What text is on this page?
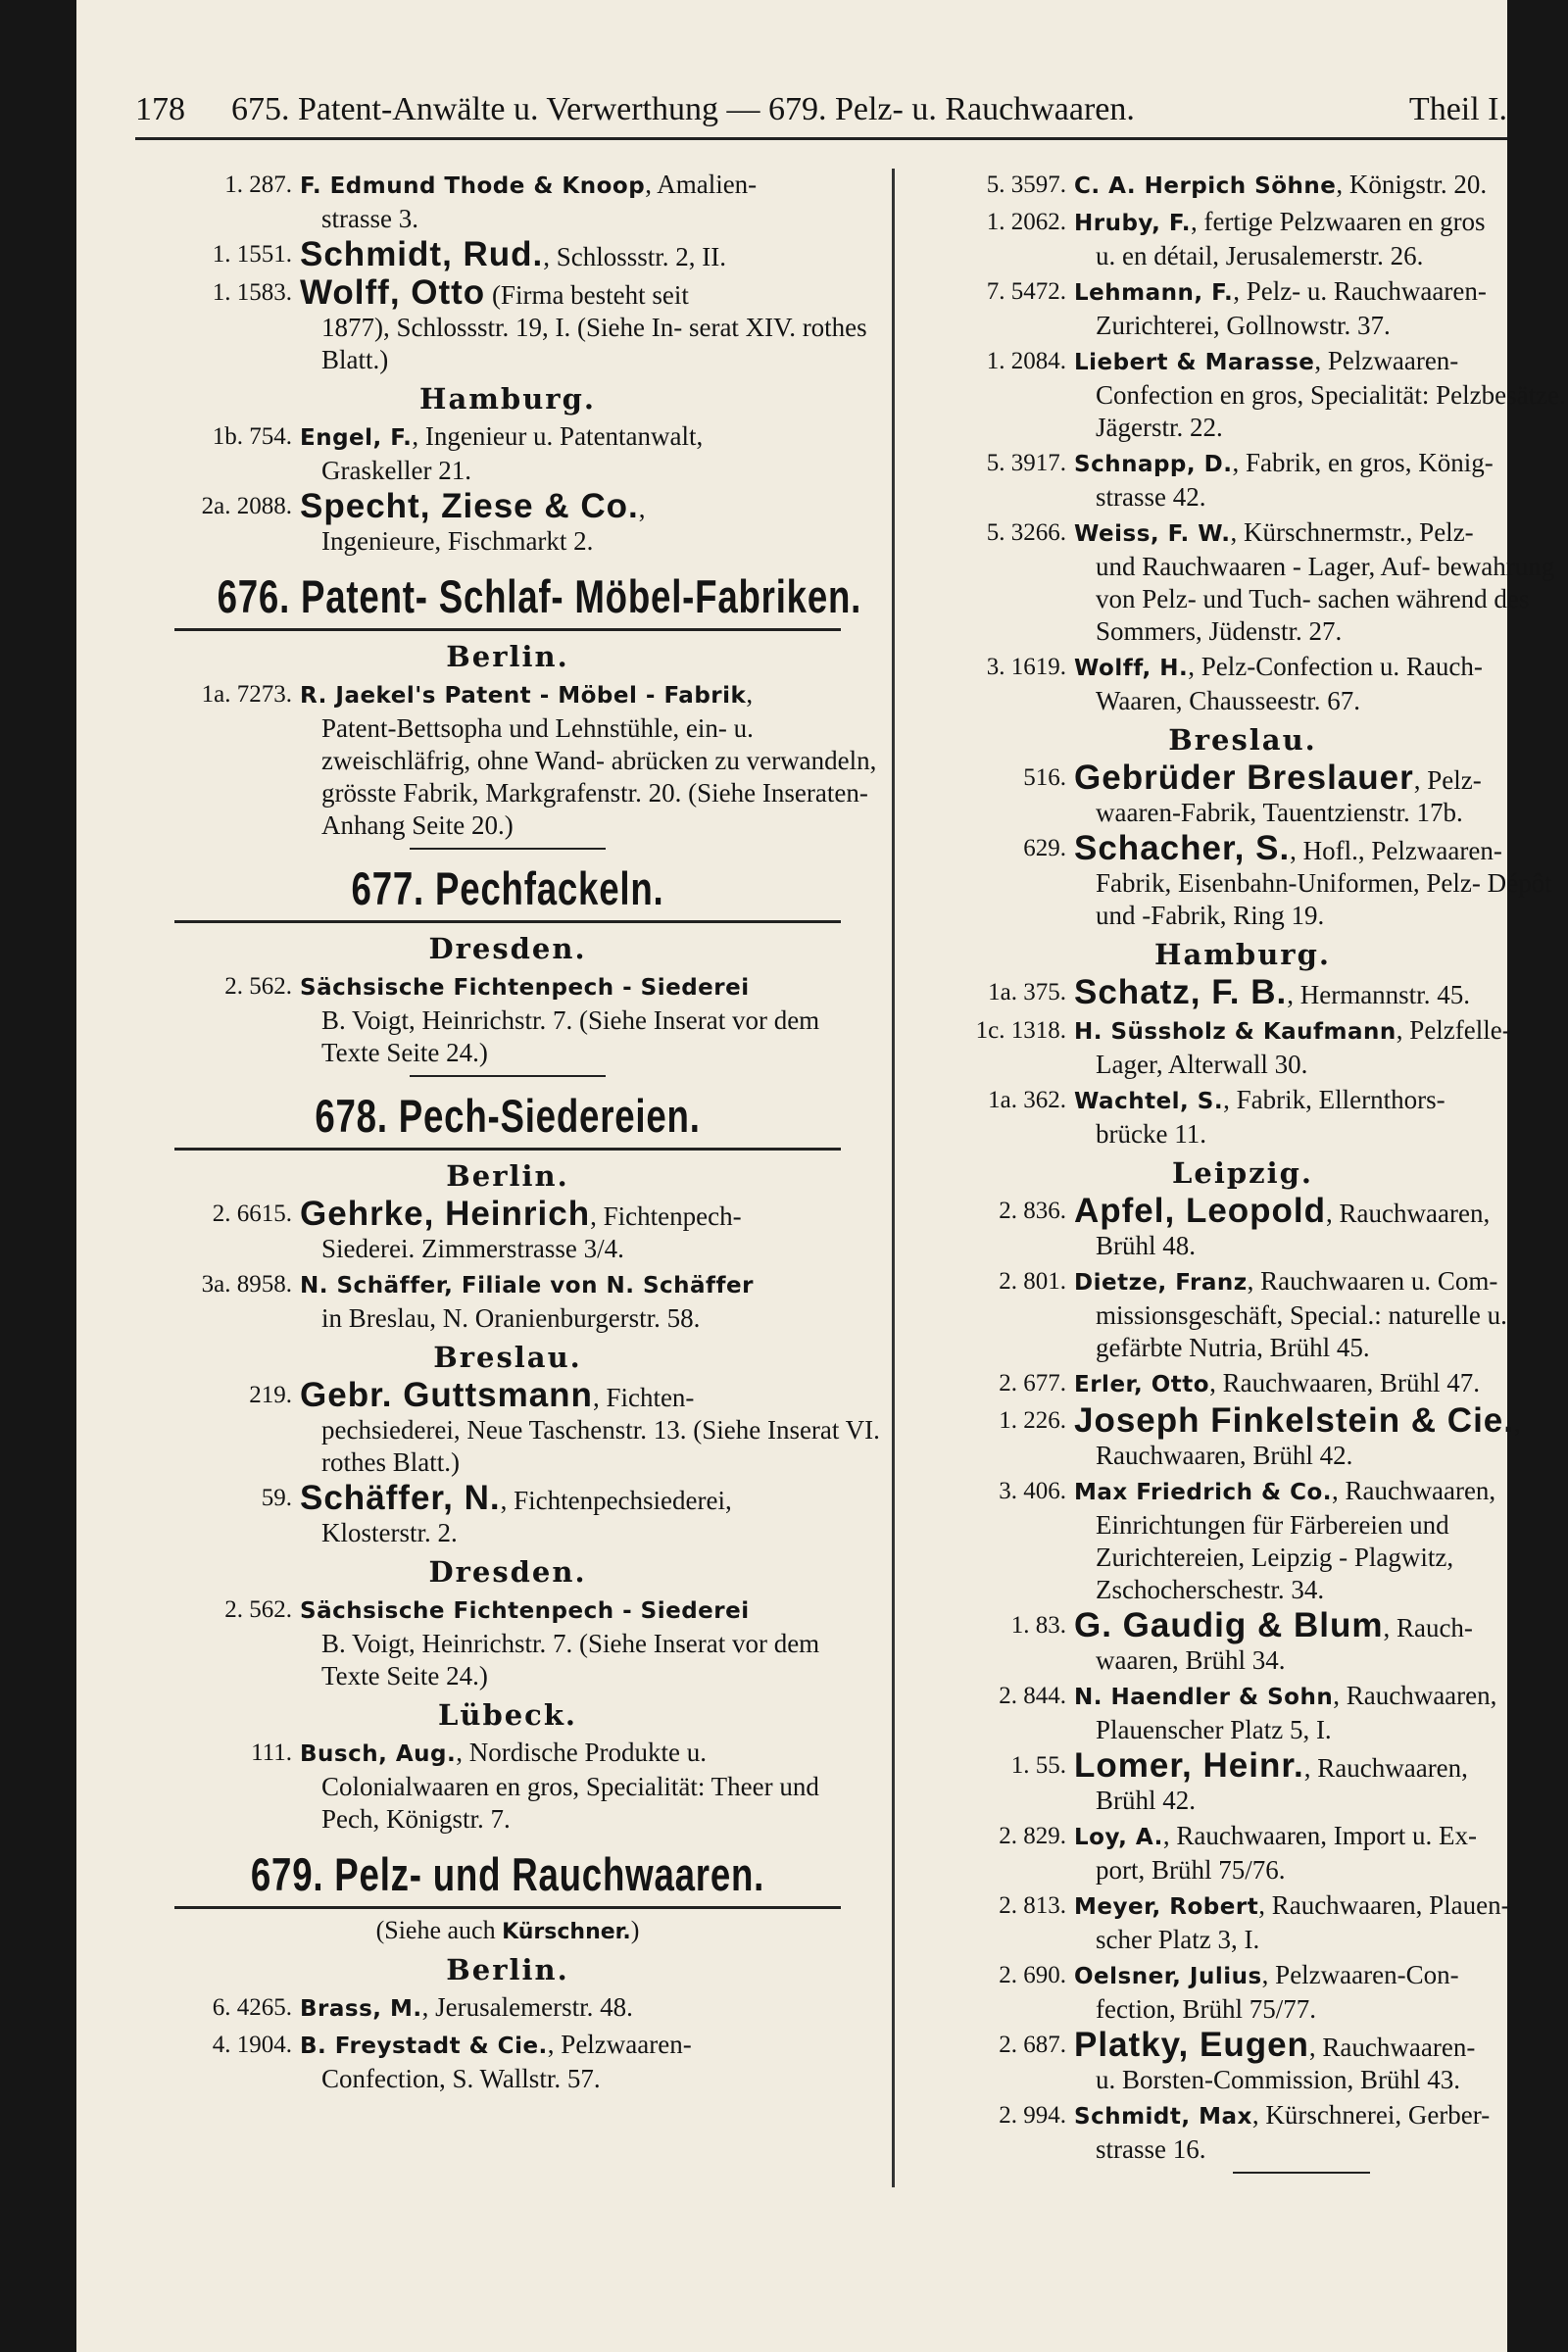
178 675. Patent-Anwälte u. Verwerthung — 679. Pelz- u. Rauchwaaren.	Theil I.
1. 287. F. Edmund Thode & Knoop, Amalien-
strasse 3.
1. 1551. Schmidt, Rud., Schlossstr. 2, II.
1. 1583. Wolff, Otto (Firma besteht seit
1877), Schlossstr. 19, I. (Siehe In- serat XIV. rothes Blatt.)
Hamburg.
1b. 754. Engel, F., Ingenieur u. Patentanwalt,
Graskeller 21.
2a. 2088. Specht, Ziese & Co.,
Ingenieure, Fischmarkt 2.
676. Patent- Schlaf- Möbel-Fabriken.
Berlin.
1a. 7273. R. Jaekel's Patent - Möbel - Fabrik,
Patent-Bettsopha und Lehnstühle, ein- u. zweischläfrig, ohne Wand- abrücken zu verwandeln, grösste Fabrik, Markgrafenstr. 20. (Siehe Inseraten-Anhang Seite 20.)
677. Pechfackeln.
Dresden.
2. 562. Sächsische Fichtenpech - Siederei
B. Voigt, Heinrichstr. 7. (Siehe Inserat vor dem Texte Seite 24.)
678. Pech-Siedereien.
Berlin.
2. 6615. Gehrke, Heinrich, Fichtenpech-
Siederei. Zimmerstrasse 3/4.
3a. 8958. N. Schäffer, Filiale von N. Schäffer
in Breslau, N. Oranienburgerstr. 58.
Breslau.
219. Gebr. Guttsmann, Fichten-
pechsiederei, Neue Taschenstr. 13. (Siehe Inserat VI. rothes Blatt.)
59. Schäffer, N., Fichtenpechsiederei,
Klosterstr. 2.
Dresden.
2. 562. Sächsische Fichtenpech - Siederei
B. Voigt, Heinrichstr. 7. (Siehe Inserat vor dem Texte Seite 24.)
Lübeck.
111. Busch, Aug., Nordische Produkte u.
Colonialwaaren en gros, Specialität: Theer und Pech, Königstr. 7.
679. Pelz- und Rauchwaaren.
(Siehe auch Kürschner.)
Berlin.
6. 4265. Brass, M., Jerusalemerstr. 48.
4. 1904. B. Freystadt & Cie., Pelzwaaren-
Confection, S. Wallstr. 57.
5. 3597. C. A. Herpich Söhne, Königstr. 20.
1. 2062. Hruby, F., fertige Pelzwaaren en gros
u. en détail, Jerusalemerstr. 26.
7. 5472. Lehmann, F., Pelz- u. Rauchwaaren-
Zurichterei, Gollnowstr. 37.
1. 2084. Liebert & Marasse, Pelzwaaren-
Confection en gros, Specialität: Pelzbesätze. Jägerstr. 22.
5. 3917. Schnapp, D., Fabrik, en gros, König-
strasse 42.
5. 3266. Weiss, F. W., Kürschnermstr., Pelz-
und Rauchwaaren - Lager, Auf- bewahrung von Pelz- und Tuch- sachen während des Sommers, Jüdenstr. 27.
3. 1619. Wolff, H., Pelz-Confection u. Rauch-
Waaren, Chausseestr. 67.
Breslau.
516. Gebrüder Breslauer, Pelz-
waaren-Fabrik, Tauentzienstr. 17b.
629. Schacher, S., Hofl., Pelzwaaren-
Fabrik, Eisenbahn-Uniformen, Pelz- Dépôt und -Fabrik, Ring 19.
Hamburg.
1a. 375. Schatz, F. B., Hermannstr. 45.
1c. 1318. H. Süssholz & Kaufmann, Pelzfelle-
Lager, Alterwall 30.
1a. 362. Wachtel, S., Fabrik, Ellernthors-
brücke 11.
Leipzig.
2. 836. Apfel, Leopold, Rauchwaaren,
Brühl 48.
2. 801. Dietze, Franz, Rauchwaaren u. Com-
missionsgeschäft, Special.: naturelle u. gefärbte Nutria, Brühl 45.
2. 677. Erler, Otto, Rauchwaaren, Brühl 47.
1. 226. Joseph Finkelstein & Cie.,
Rauchwaaren, Brühl 42.
3. 406. Max Friedrich & Co., Rauchwaaren,
Einrichtungen für Färbereien und Zurichtereien, Leipzig - Plagwitz, Zschocherschestr. 34.
1. 83. G. Gaudig & Blum, Rauch-
waaren, Brühl 34.
2. 844. N. Haendler & Sohn, Rauchwaaren,
Plauenscher Platz 5, I.
1. 55. Lomer, Heinr., Rauchwaaren,
Brühl 42.
2. 829. Loy, A., Rauchwaaren, Import u. Ex-
port, Brühl 75/76.
2. 813. Meyer, Robert, Rauchwaaren, Plauen-
scher Platz 3, I.
2. 690. Oelsner, Julius, Pelzwaaren-Con-
fection, Brühl 75/77.
2. 687. Platky, Eugen, Rauchwaaren-
u. Borsten-Commission, Brühl 43.
2. 994. Schmidt, Max, Kürschnerei, Gerber-
strasse 16.
